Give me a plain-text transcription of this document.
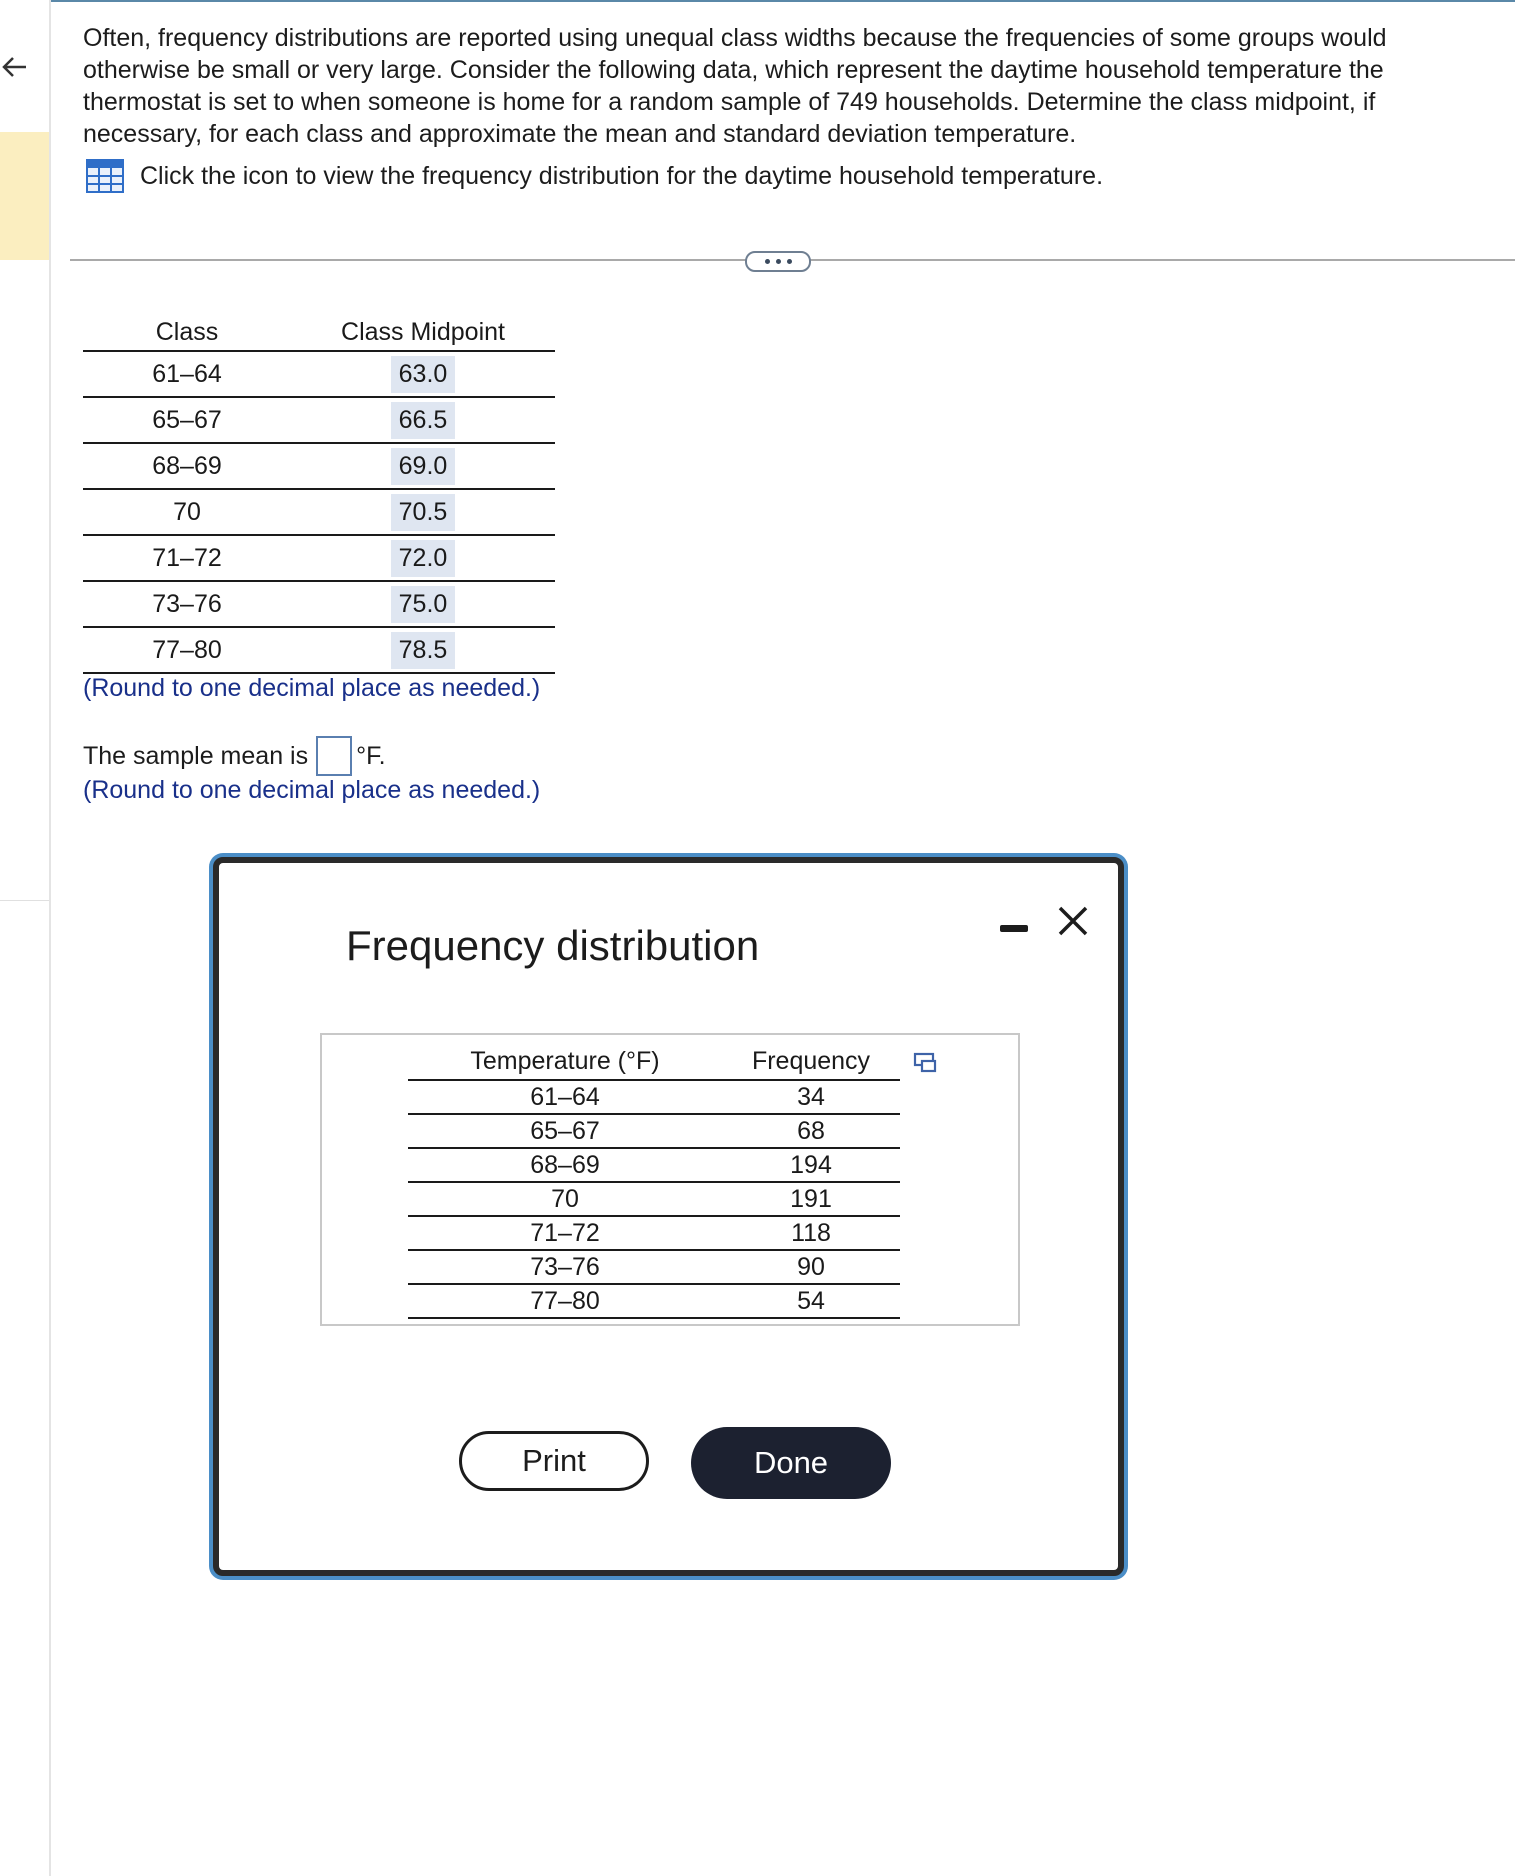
Often, frequency distributions are reported using unequal class widths because the frequencies of some groups would otherwise be small or very large. Consider the following data, which represent the daytime household temperature the thermostat is set to when someone is home for a random sample of 749 households. Determine the class midpoint, if necessary, for each class and approximate the mean and standard deviation temperature.
Click the icon to view the frequency distribution for the daytime household temperature.
Class	Class Midpoint
61–64	63.0
65–67	66.5
68–69	69.0
70	70.5
71–72	72.0
73–76	75.0
77–80	78.5
(Round to one decimal place as needed.)
The sample mean is °F.
(Round to one decimal place as needed.)
Frequency distribution
Temperature (°F)	Frequency
61–64	34
65–67	68
68–69	194
70	191
71–72	118
73–76	90
77–80	54
Print	Done
